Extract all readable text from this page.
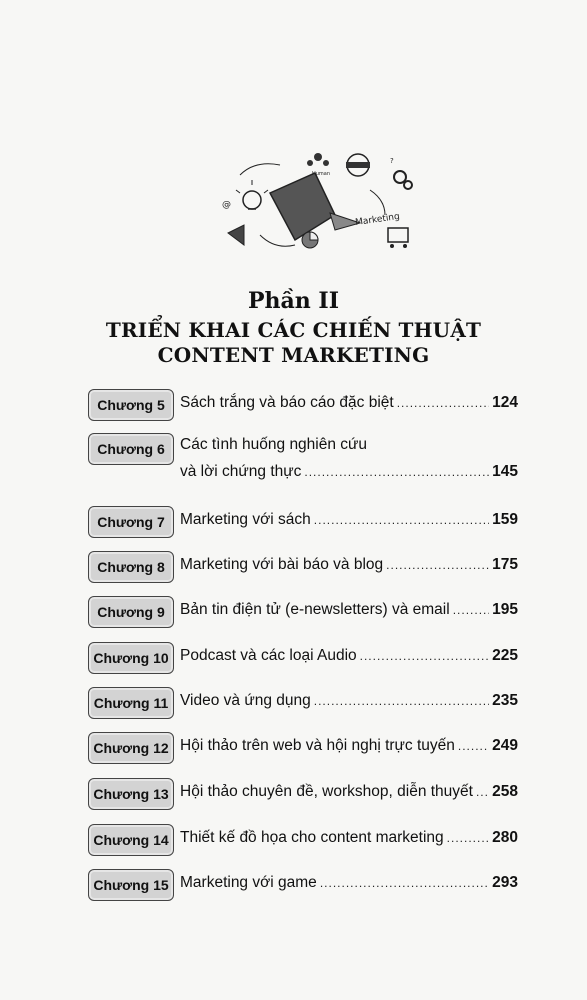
Human
Marketing
@
?
Phần II
TRIỂN KHAI CÁC CHIẾN THUẬT
CONTENT MARKETING
Chương 5 Sách trắng và báo cáo đặc biệt .....	124
Chương 6 Các tình huống nghiên cứu
và lời chứng thực .....	145
Chương 7 Marketing với sách .....	159
Chương 8 Marketing với bài báo và blog .....	175
Chương 9 Bản tin điện tử (e-newsletters) và email .....	195
Chương 10 Podcast và các loại Audio .....	225
Chương 11 Video và ứng dụng .....	235
Chương 12 Hội thảo trên web và hội nghị trực tuyến ..... 249
Chương 13 Hội thảo chuyên đề, workshop, diễn thuyết ..... 258
Chương 14 Thiết kế đồ họa cho content marketing .....	280
Chương 15 Marketing với game .....	293
